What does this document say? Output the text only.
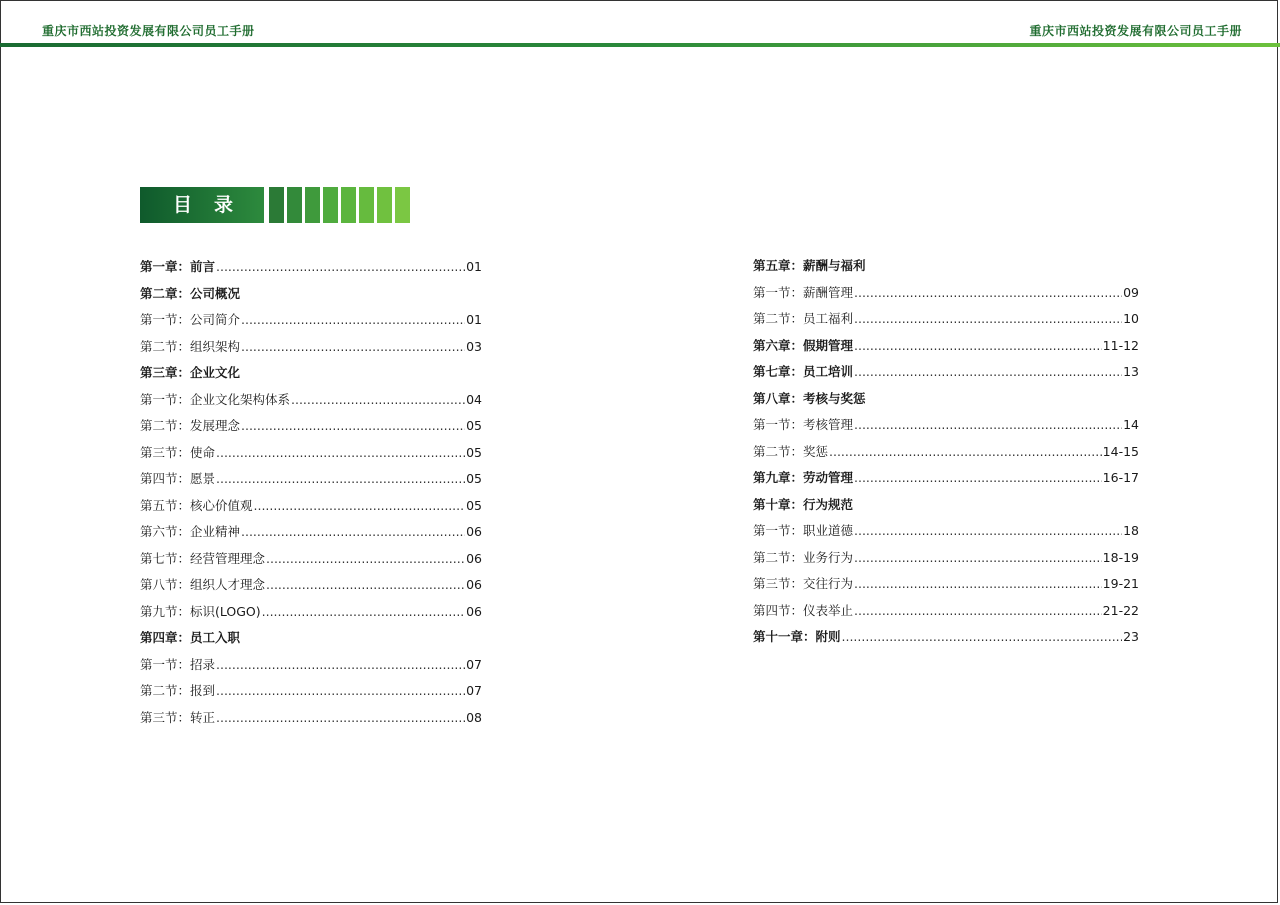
重庆市西站投资发展有限公司员工手册	重庆市西站投资发展有限公司员工手册
目录
第一章：前言 .....	01
第二章：公司概况
第一节：公司简介 .....	01
第二节：组织架构 .....	03
第三章：企业文化
第一节：企业文化架构体系 .....	04
第二节：发展理念 .....	05
第三节：使命 .....	05
第四节：愿景 .....	05
第五节：核心价值观 .....	05
第六节：企业精神 .....	06
第七节：经营管理理念 .....	06
第八节：组织人才理念 .....	06
第九节：标识(LOGO) .....	06
第四章：员工入职
第一节：招录 .....	07
第二节：报到 .....	07
第三节：转正 .....	08
第五章：薪酬与福利
第一节：薪酬管理 .....	09
第二节：员工福利 .....	10
第六章：假期管理 .....	11-12
第七章：员工培训 .....	13
第八章：考核与奖惩
第一节：考核管理 .....	14
第二节：奖惩 .....	14-15
第九章：劳动管理 .....	16-17
第十章：行为规范
第一节：职业道德 .....	18
第二节：业务行为 .....	18-19
第三节：交往行为 .....	19-21
第四节：仪表举止 .....	21-22
第十一章：附则 .....	23
